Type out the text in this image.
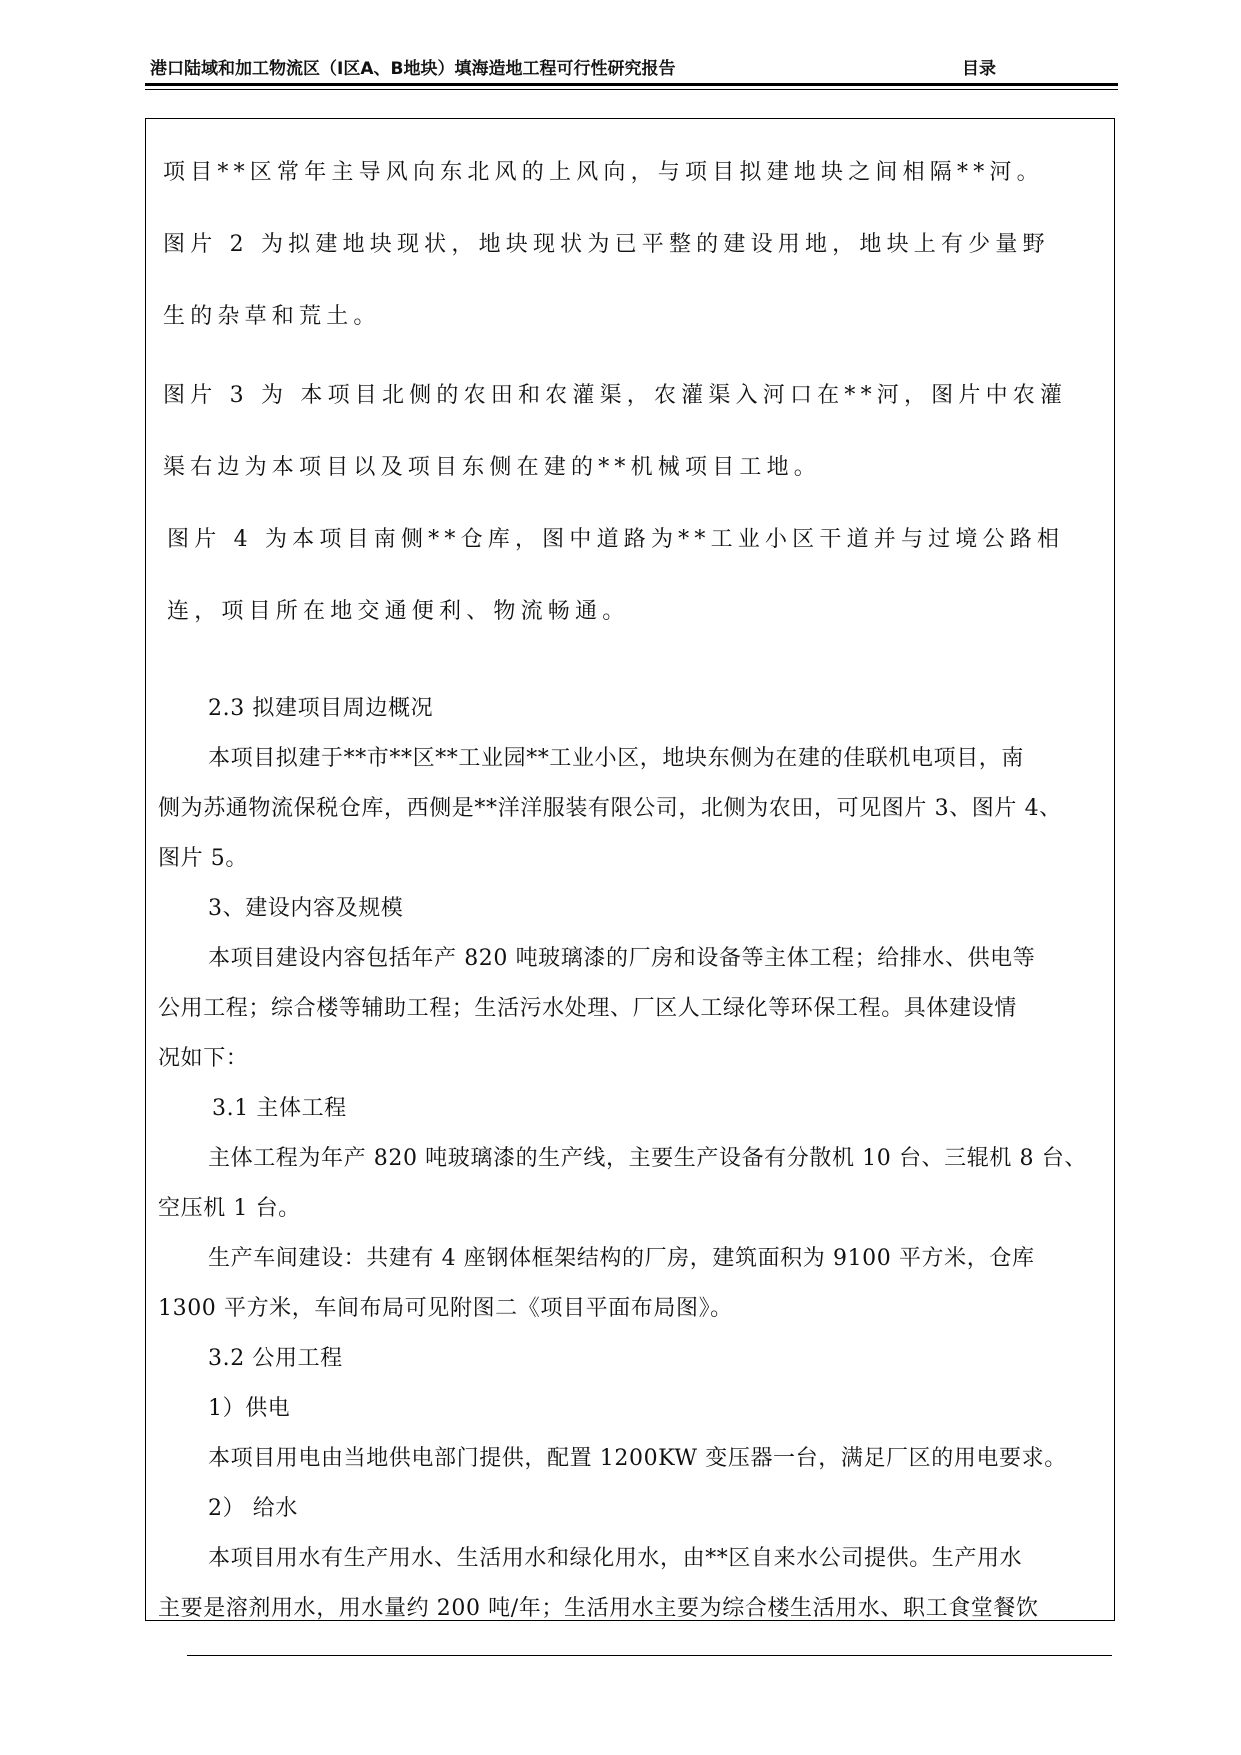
港口陆域和加工物流区（Ⅰ区A、B地块）填海造地工程可行性研究报告	目录
项目**区常年主导风向东北风的上风向，与项目拟建地块之间相隔**河。
图片 2 为拟建地块现状，地块现状为已平整的建设用地，地块上有少量野
生的杂草和荒土。
图片 3 为 本项目北侧的农田和农灌渠，农灌渠入河口在**河，图片中农灌
渠右边为本项目以及项目东侧在建的**机械项目工地。
图片 4 为本项目南侧**仓库，图中道路为**工业小区干道并与过境公路相
连，项目所在地交通便利、物流畅通。
2.3 拟建项目周边概况
本项目拟建于**市**区**工业园**工业小区，地块东侧为在建的佳联机电项目，南
侧为苏通物流保税仓库，西侧是**洋洋服装有限公司，北侧为农田，可见图片 3、图片 4、
图片 5。
3、建设内容及规模
本项目建设内容包括年产 820 吨玻璃漆的厂房和设备等主体工程；给排水、供电等
公用工程；综合楼等辅助工程；生活污水处理、厂区人工绿化等环保工程。具体建设情
况如下：
3.1 主体工程
主体工程为年产 820 吨玻璃漆的生产线，主要生产设备有分散机 10 台、三辊机 8 台、
空压机 1 台。
生产车间建设：共建有 4 座钢体框架结构的厂房，建筑面积为 9100 平方米，仓库
1300 平方米，车间布局可见附图二《项目平面布局图》。
3.2 公用工程
1）供电
本项目用电由当地供电部门提供，配置 1200KW 变压器一台，满足厂区的用电要求。
2） 给水
本项目用水有生产用水、生活用水和绿化用水，由**区自来水公司提供。生产用水
主要是溶剂用水，用水量约 200 吨/年；生活用水主要为综合楼生活用水、职工食堂餐饮
